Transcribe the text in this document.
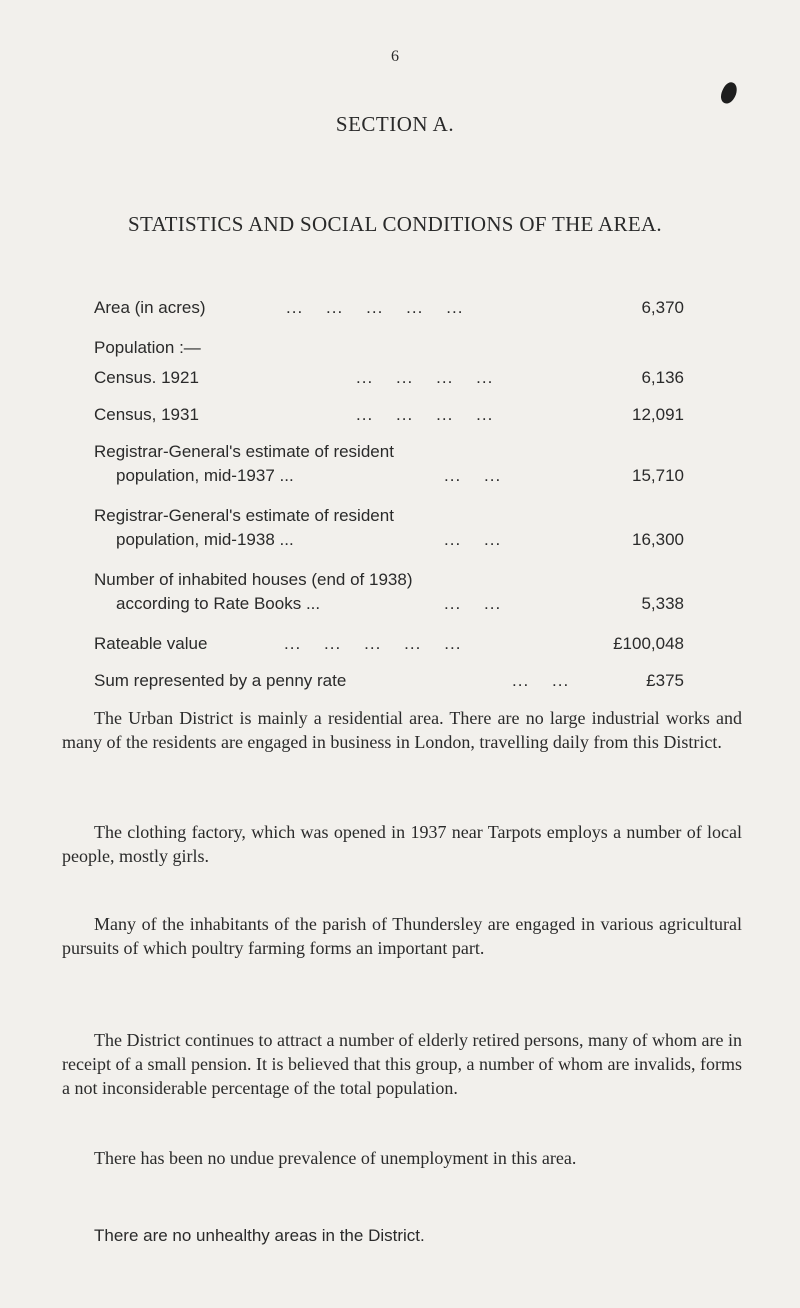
6
SECTION A.
STATISTICS AND SOCIAL CONDITIONS OF THE AREA.
Area (in acres)	...    ...    ...    ...    ...	6,370
Population :—
Census. 1921	...    ...    ...    ...	6,136
Census, 1931	...    ...    ...    ...	12,091
Registrar-General's estimate of resident
population, mid-1937 ...	...    ...	15,710
Registrar-General's estimate of resident
population, mid-1938 ...	...    ...	16,300
Number of inhabited houses (end of 1938)
according to Rate Books ...	...    ...	5,338
Rateable value	...    ...    ...    ...    ...	£100,048
Sum represented by a penny rate	...    ...	£375

The Urban District is mainly a residential area. There are no large industrial works and many of the residents are engaged in business in London, travelling daily from this District.

The clothing factory, which was opened in 1937 near Tarpots employs a number of local people, mostly girls.

Many of the inhabitants of the parish of Thundersley are engaged in various agricultural pursuits of which poultry farming forms an important part.

The District continues to attract a number of elderly retired persons, many of whom are in receipt of a small pension. It is believed that this group, a number of whom are invalids, forms a not inconsiderable percentage of the total population.

There has been no undue prevalence of unemployment in this area.

There are no unhealthy areas in the District.
